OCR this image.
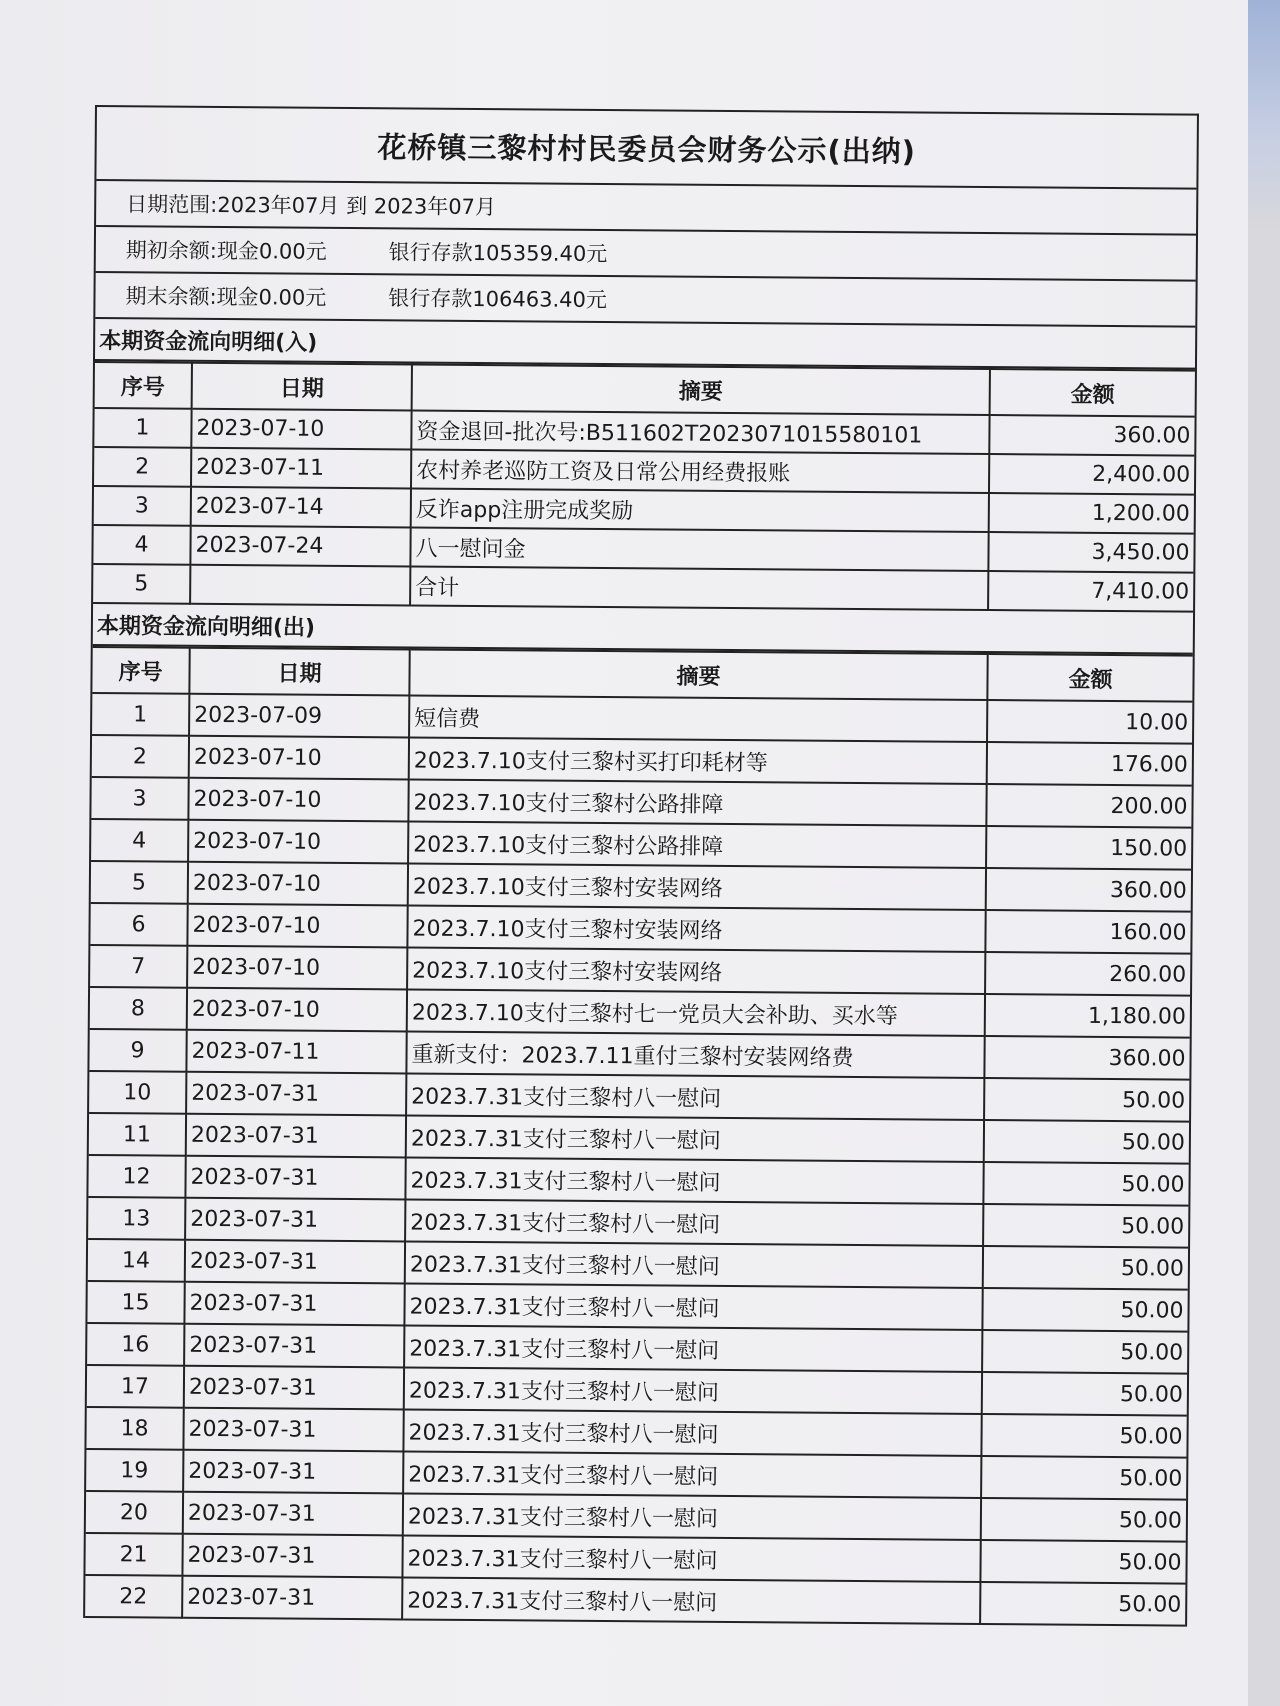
花桥镇三黎村村民委员会财务公示(出纳)
日期范围: 2023年07月 到 2023年07月
期初余额: 现金0.00元	银行存款105359.40元
期末余额: 现金0.00元	银行存款106463.40元
本期资金流向明细(入)
序号	日期	摘要	金额
1	2023-07-10	资金退回-批次号:B511602T2023071015580101	360.00
2	2023-07-11	农村养老巡防工资及日常公用经费报账	2,400.00
3	2023-07-14	反诈app注册完成奖励	1,200.00
4	2023-07-24	八一慰问金	3,450.00
5		合计	7,410.00
本期资金流向明细(出)
序号	日期	摘要	金额
1	2023-07-09	短信费	10.00
2	2023-07-10	2023.7.10支付三黎村买打印耗材等	176.00
3	2023-07-10	2023.7.10支付三黎村公路排障	200.00
4	2023-07-10	2023.7.10支付三黎村公路排障	150.00
5	2023-07-10	2023.7.10支付三黎村安装网络	360.00
6	2023-07-10	2023.7.10支付三黎村安装网络	160.00
7	2023-07-10	2023.7.10支付三黎村安装网络	260.00
8	2023-07-10	2023.7.10支付三黎村七一党员大会补助、买水等	1,180.00
9	2023-07-11	重新支付：2023.7.11重付三黎村安装网络费	360.00
10	2023-07-31	2023.7.31支付三黎村八一慰问	50.00
11	2023-07-31	2023.7.31支付三黎村八一慰问	50.00
12	2023-07-31	2023.7.31支付三黎村八一慰问	50.00
13	2023-07-31	2023.7.31支付三黎村八一慰问	50.00
14	2023-07-31	2023.7.31支付三黎村八一慰问	50.00
15	2023-07-31	2023.7.31支付三黎村八一慰问	50.00
16	2023-07-31	2023.7.31支付三黎村八一慰问	50.00
17	2023-07-31	2023.7.31支付三黎村八一慰问	50.00
18	2023-07-31	2023.7.31支付三黎村八一慰问	50.00
19	2023-07-31	2023.7.31支付三黎村八一慰问	50.00
20	2023-07-31	2023.7.31支付三黎村八一慰问	50.00
21	2023-07-31	2023.7.31支付三黎村八一慰问	50.00
22	2023-07-31	2023.7.31支付三黎村八一慰问	50.00
